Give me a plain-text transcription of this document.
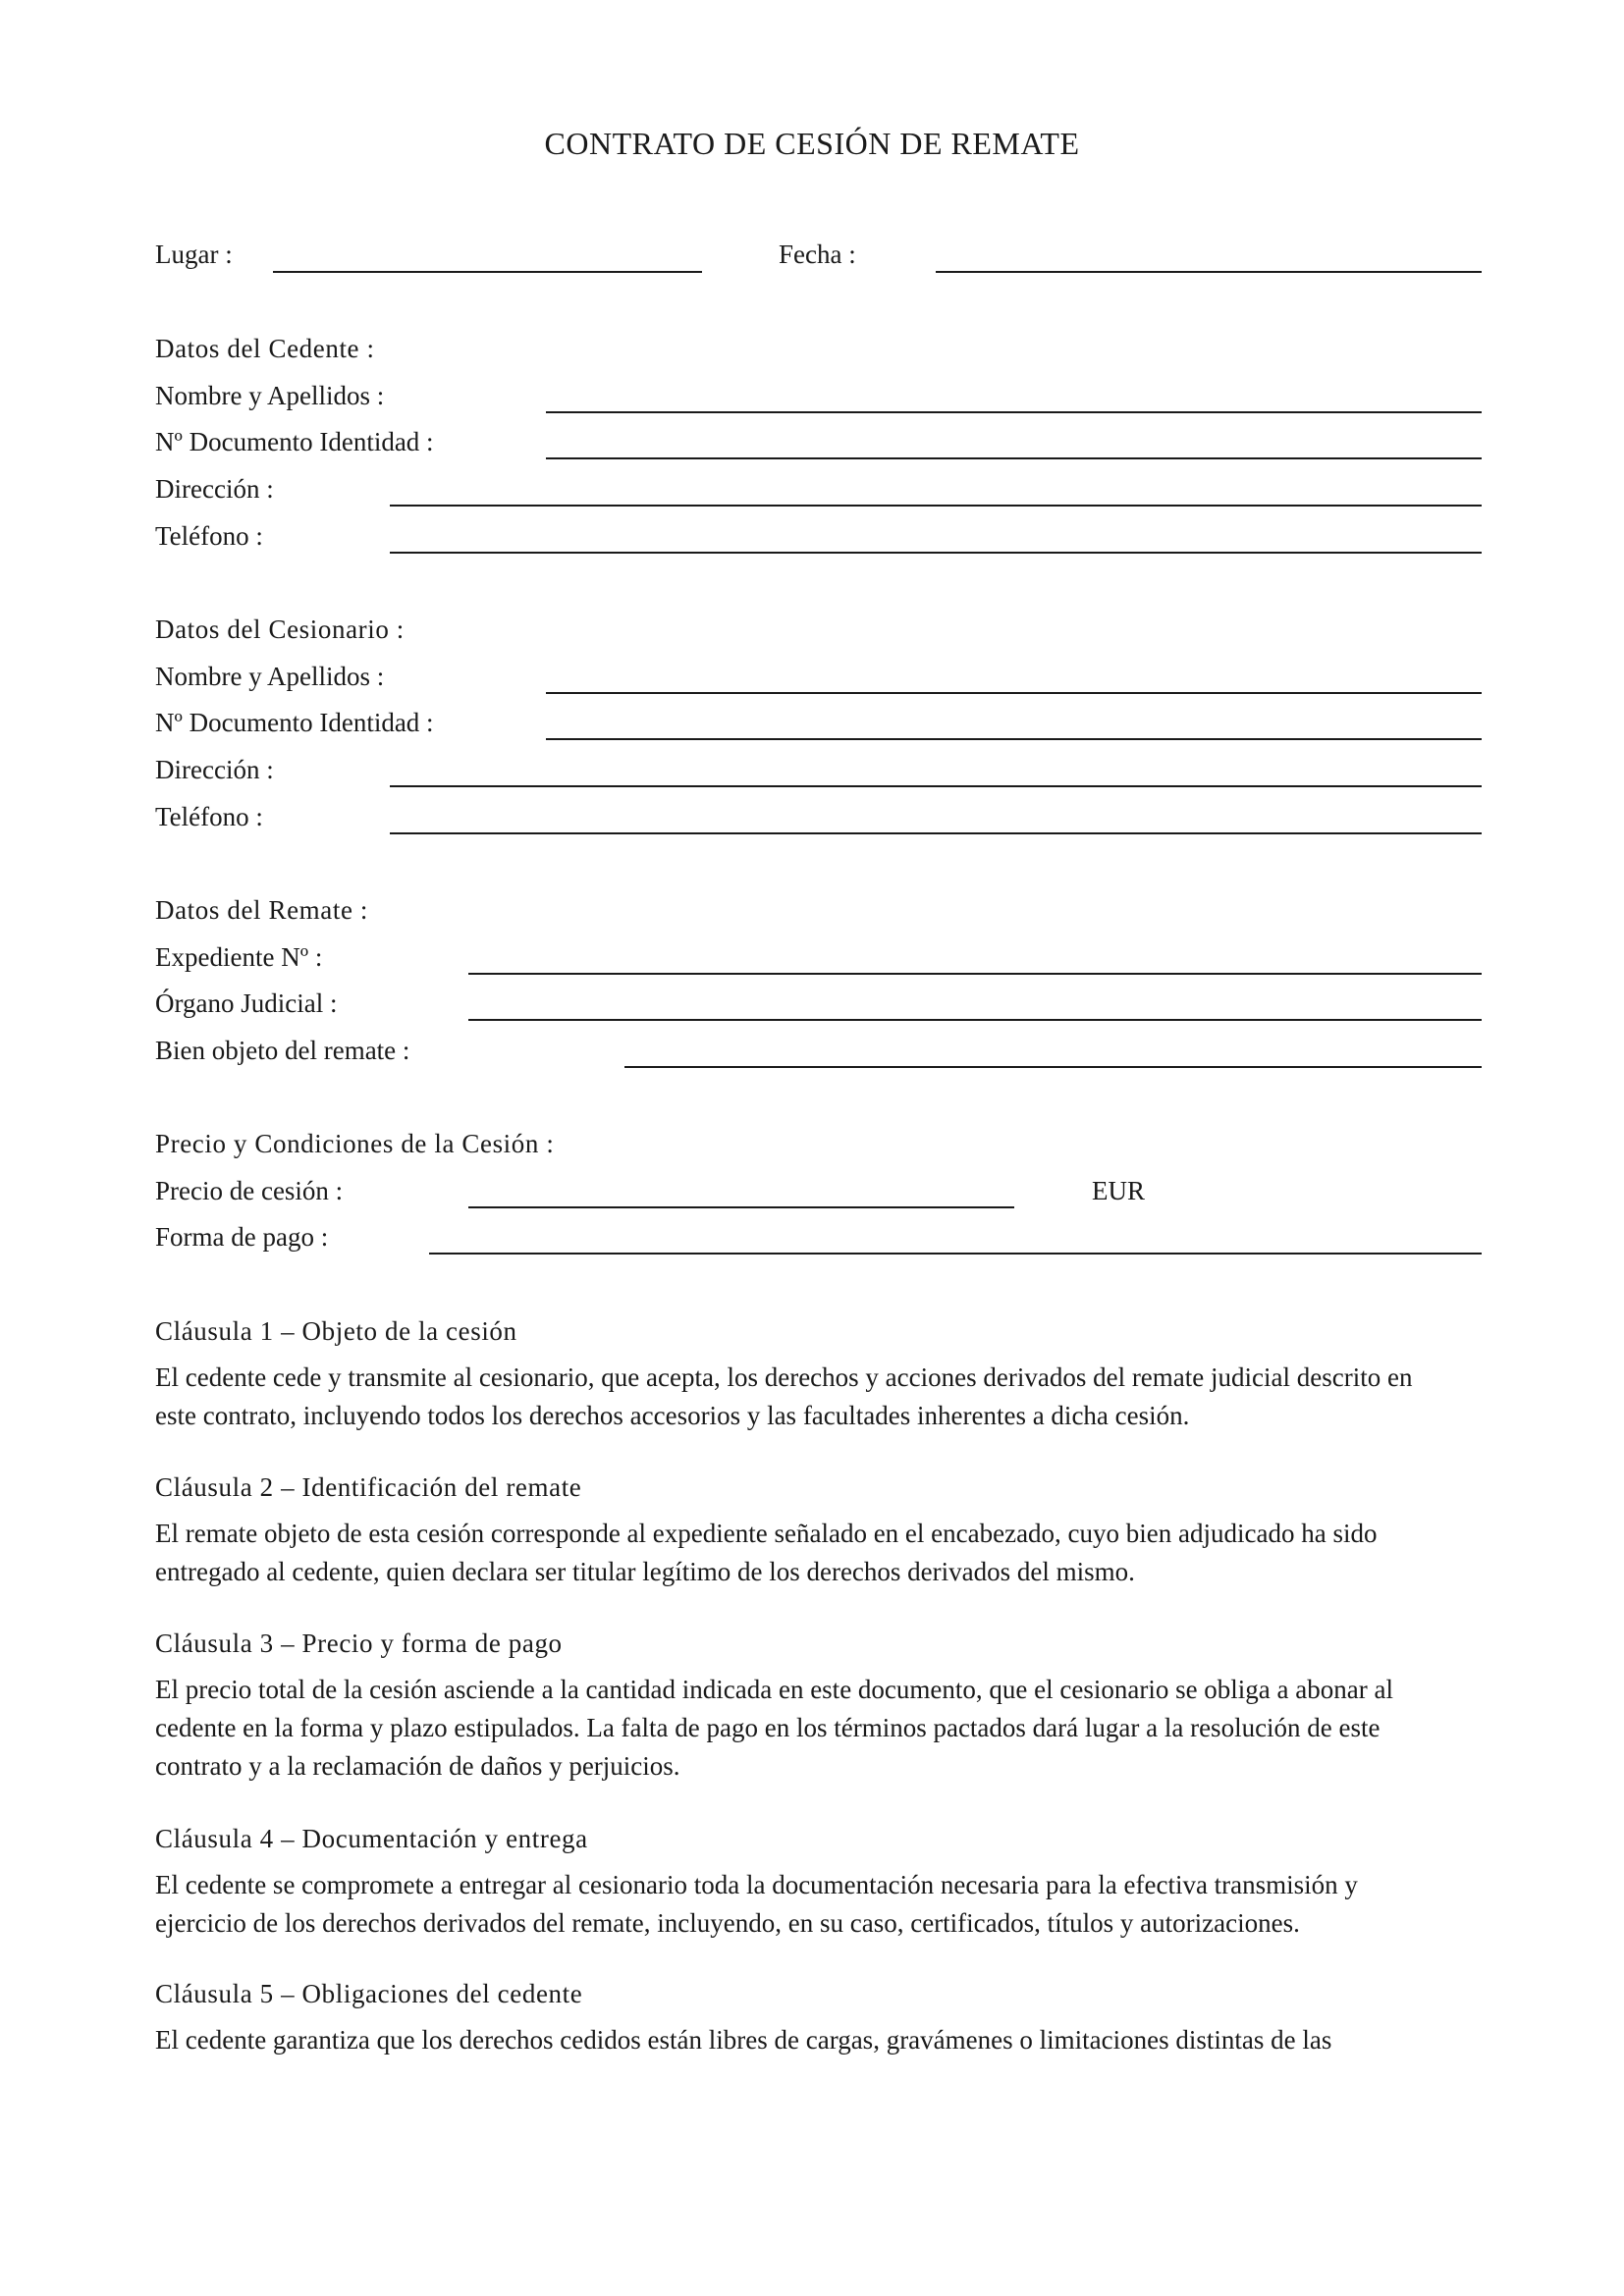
CONTRATO DE CESIÓN DE REMATE
Lugar :	Fecha :
Datos del Cedente :
Nombre y Apellidos :
Nº Documento Identidad :
Dirección :
Teléfono :
Datos del Cesionario :
Nombre y Apellidos :
Nº Documento Identidad :
Dirección :
Teléfono :
Datos del Remate :
Expediente Nº :
Órgano Judicial :
Bien objeto del remate :
Precio y Condiciones de la Cesión :
Precio de cesión :	EUR
Forma de pago :
Cláusula 1 – Objeto de la cesión
El cedente cede y transmite al cesionario, que acepta, los derechos y acciones derivados del remate judicial descrito en
este contrato, incluyendo todos los derechos accesorios y las facultades inherentes a dicha cesión.
Cláusula 2 – Identificación del remate
El remate objeto de esta cesión corresponde al expediente señalado en el encabezado, cuyo bien adjudicado ha sido
entregado al cedente, quien declara ser titular legítimo de los derechos derivados del mismo.
Cláusula 3 – Precio y forma de pago
El precio total de la cesión asciende a la cantidad indicada en este documento, que el cesionario se obliga a abonar al
cedente en la forma y plazo estipulados. La falta de pago en los términos pactados dará lugar a la resolución de este
contrato y a la reclamación de daños y perjuicios.
Cláusula 4 – Documentación y entrega
El cedente se compromete a entregar al cesionario toda la documentación necesaria para la efectiva transmisión y
ejercicio de los derechos derivados del remate, incluyendo, en su caso, certificados, títulos y autorizaciones.
Cláusula 5 – Obligaciones del cedente
El cedente garantiza que los derechos cedidos están libres de cargas, gravámenes o limitaciones distintas de las
